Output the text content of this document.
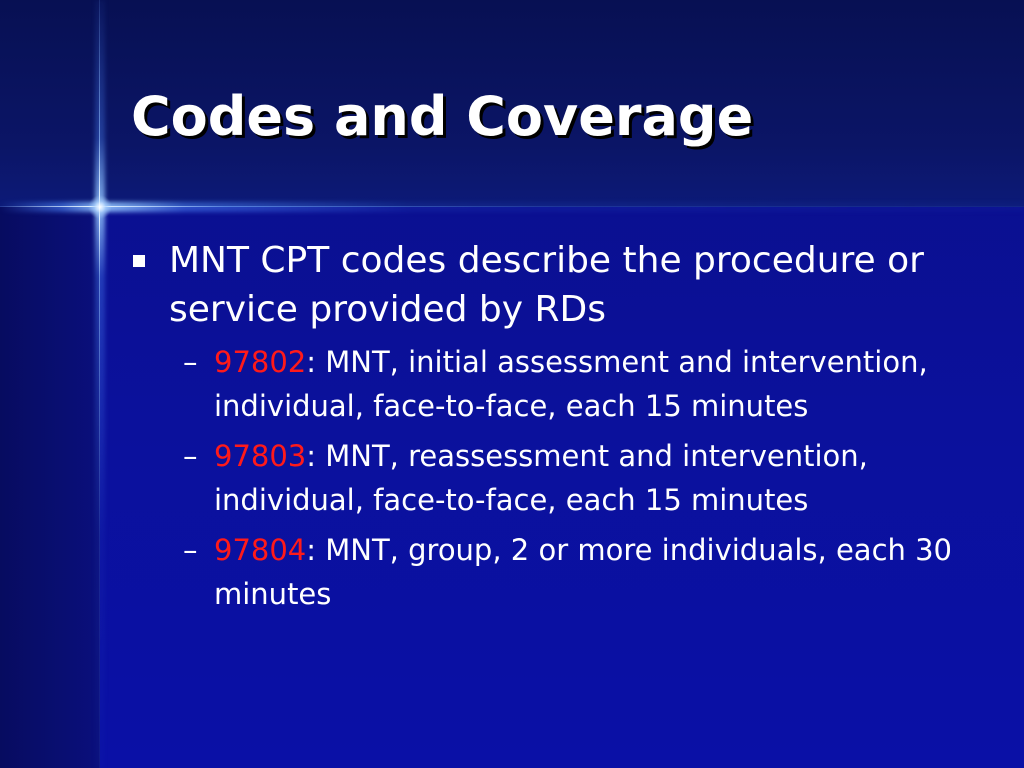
Codes and Coverage
MNT CPT codes describe the procedure or service provided by RDs
– 97802: MNT, initial assessment and intervention, individual, face-to-face, each 15 minutes
– 97803: MNT, reassessment and intervention, individual, face-to-face, each 15 minutes
– 97804: MNT, group, 2 or more individuals, each 30 minutes
